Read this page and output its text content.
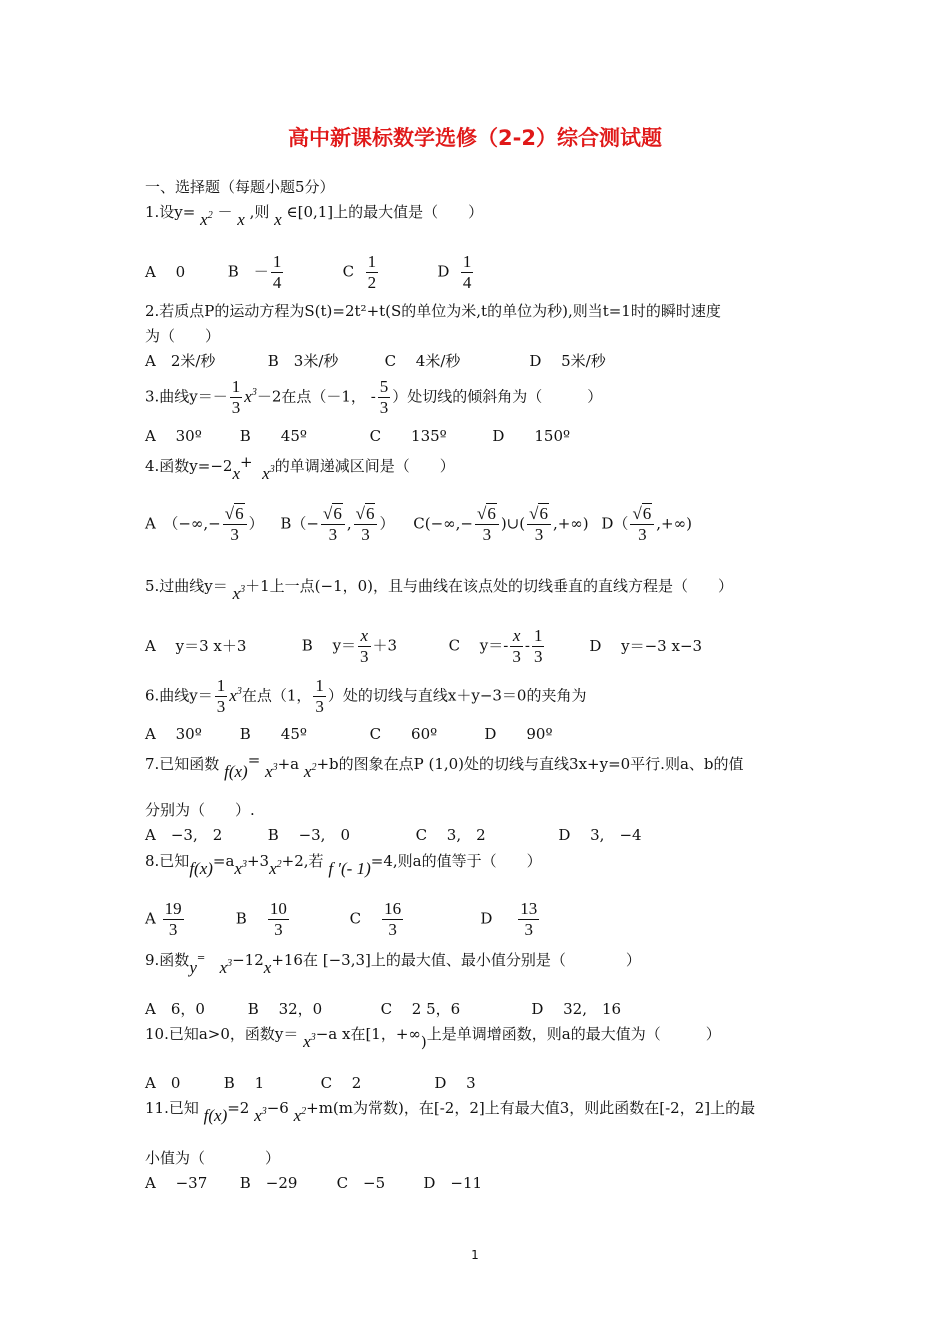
高中新课标数学选修（2-2）综合测试题
一、选择题（每题小题5分）
1.设$y= x^2 - x$ ,则 x ∈[0,1]上的最大值是（　　）
A　 0	B　－ $\frac{1}{4}$	C $\frac{1}{2}$	D $\frac{1}{4}$
2.若质点P的运动方程为S(t)=2t²+t(S的单位为米,t的单位为秒),则当t=1时的瞬时速度
为（　　）
A　2米/秒	B　3米/秒	C　 4米/秒	D　 5米/秒
3.曲线$y=- \frac{1}{3} x^3-2$在点（－1， - $\frac{5}{3}$ ）处切线的倾斜角为（　　　）
A　 30º	B　　45º	C　　135º	D　　150º
4.函数$y=-2x+ x^3$的单调递减区间是（　　）
A　（−∞,− $\frac{√6}{3}$ ） $B(- \frac{√6}{3}$ , $\frac{√6}{3}$ ） $C(-\infty,- \frac{√6}{3}$ )∪( $\frac{√6}{3}$ ,+∞) $D( \frac{√6}{3}$ ,+∞)
5.过曲线$y= x^3+1$上一点(−1，0)，且与曲线在该点处的切线垂直的直线方程是（　　）
A　 y＝3 x＋3	B　 $y= \frac{x}{3} +3$	C　 $y=- \frac{x}{3} - \frac{1}{3}$	D　 y＝−3 x−3
6.曲线$y= \frac{1}{3} x^3$在点（1， $\frac{1}{3}$ ）处的切线与直线x＋y−3＝0的夹角为
A　 30º	B　　45º	C　　60º	D　　90º
7.已知函数 $f(x)= x^3+a$ $x^2+b$的图象在点P (1,0)处的切线与直线3x+y=0平行.则a、b的值
分别为（　　）.
A　−3,　2	B　 −3,　0	C　 3,　2	D　 3,　−4
8.已知$f(x)=ax^3+3x^2+2$,若 f ′(- 1)=4,则a的值等于（　　）
A $\frac{19}{3}$	B $\frac{10}{3}$	C $\frac{16}{3}$	D $\frac{13}{3}$
9.函数y= $x^3-12x+16$在 [−3,3]上的最大值、最小值分别是（　　　　）
A　6，0	B　 32，0	C　 2 5，6	D　 32,　16
10.已知a>0，函数$y= x^3-a$ x在[1，+∞)上是单调增函数，则a的最大值为（　　　）
A　0	B　 1	C　 2	D　 3
11.已知 f(x)=2 $x^3-6$ $x^2+m(m$为常数)，在[-2，2]上有最大值3，则此函数在[-2，2]上的最
小值为（　　　　）
A　 −37 B　−29	C　−5	D　−11
1
